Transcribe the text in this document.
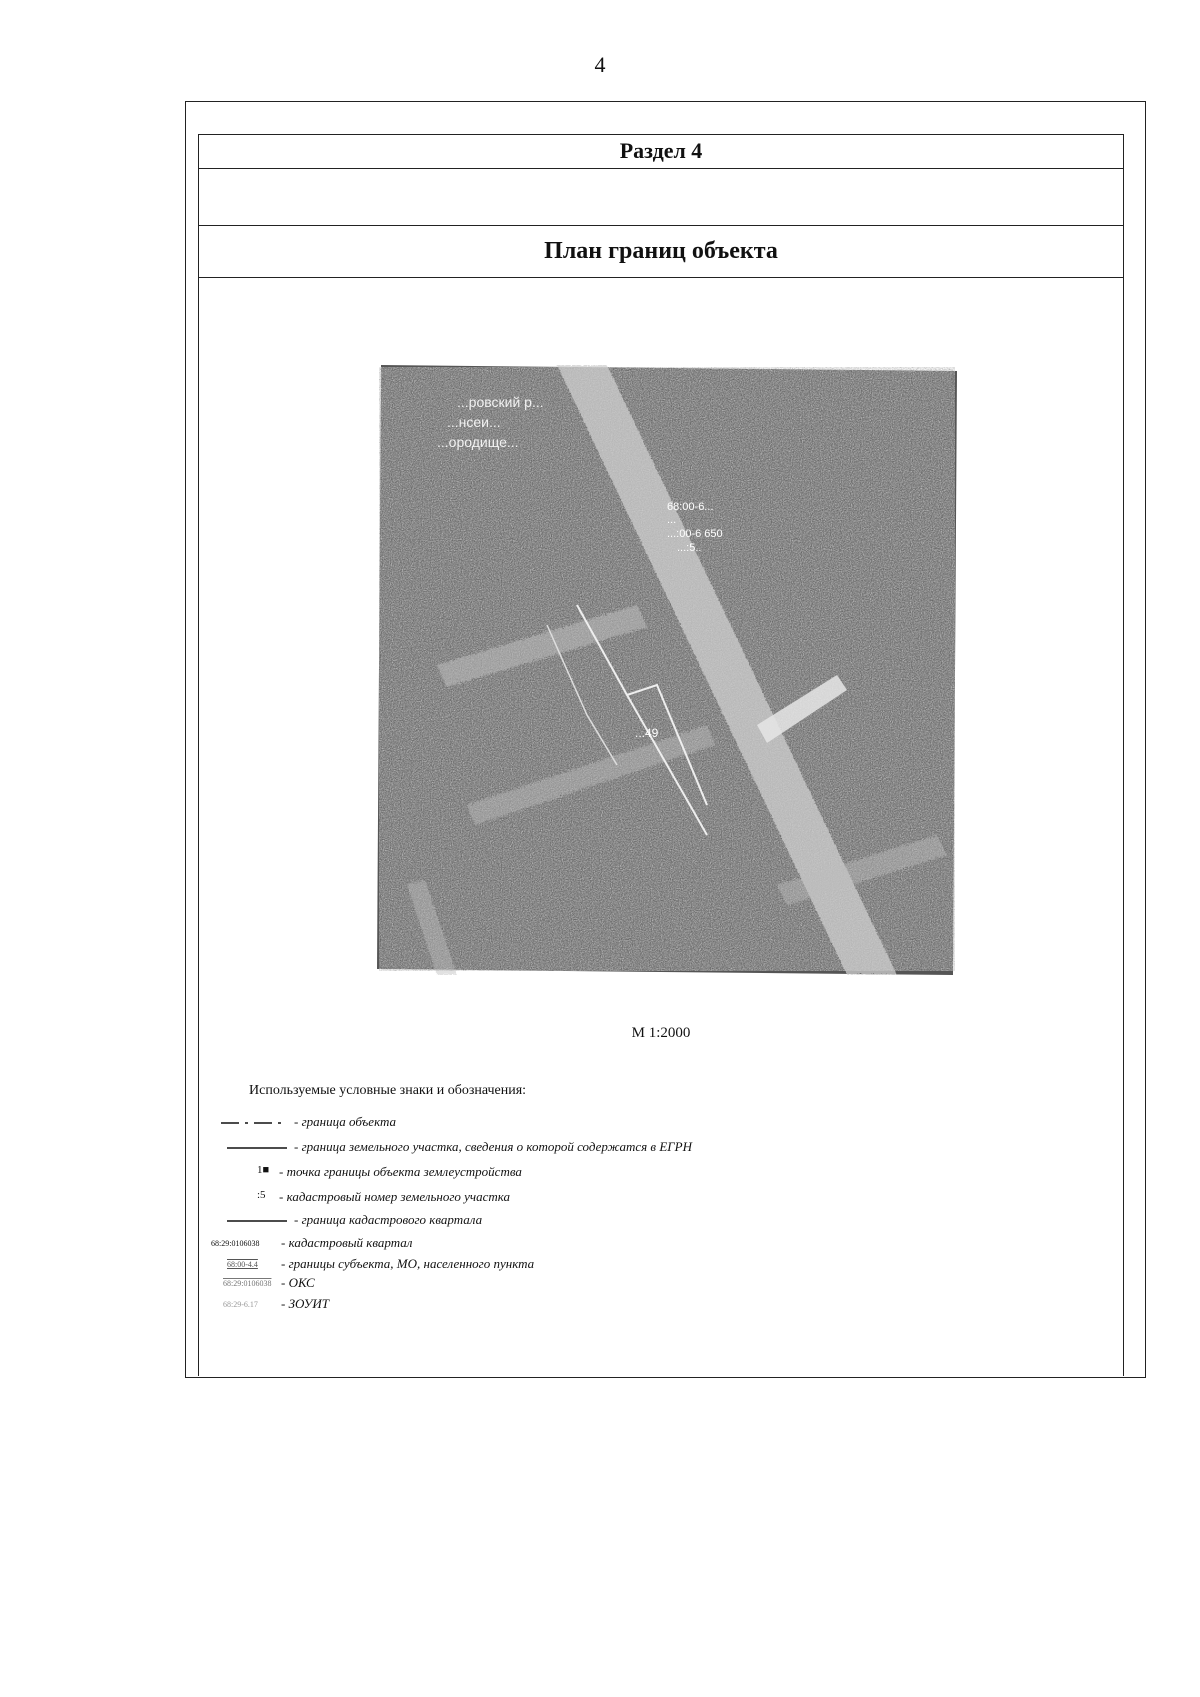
4
Раздел 4
План границ объекта
...ровский р...
...нсеи...
...ородище...
68:00-6...
...
...:00-6 650
...:5..
...49
М 1:2000
Используемые условные знаки и обозначения:
- граница объекта
- граница земельного участка, сведения о которой содержатся в ЕГРН
1■ - точка границы объекта землеустройства
:5 - кадастровый номер земельного участка
- граница кадастрового квартала
68:29:0106038 - кадастровый квартал
68:00-4.4 - границы субъекта, МО, населенного пункта
68:29:0106038 - ОКС
68:29-6.17 - ЗОУИТ
